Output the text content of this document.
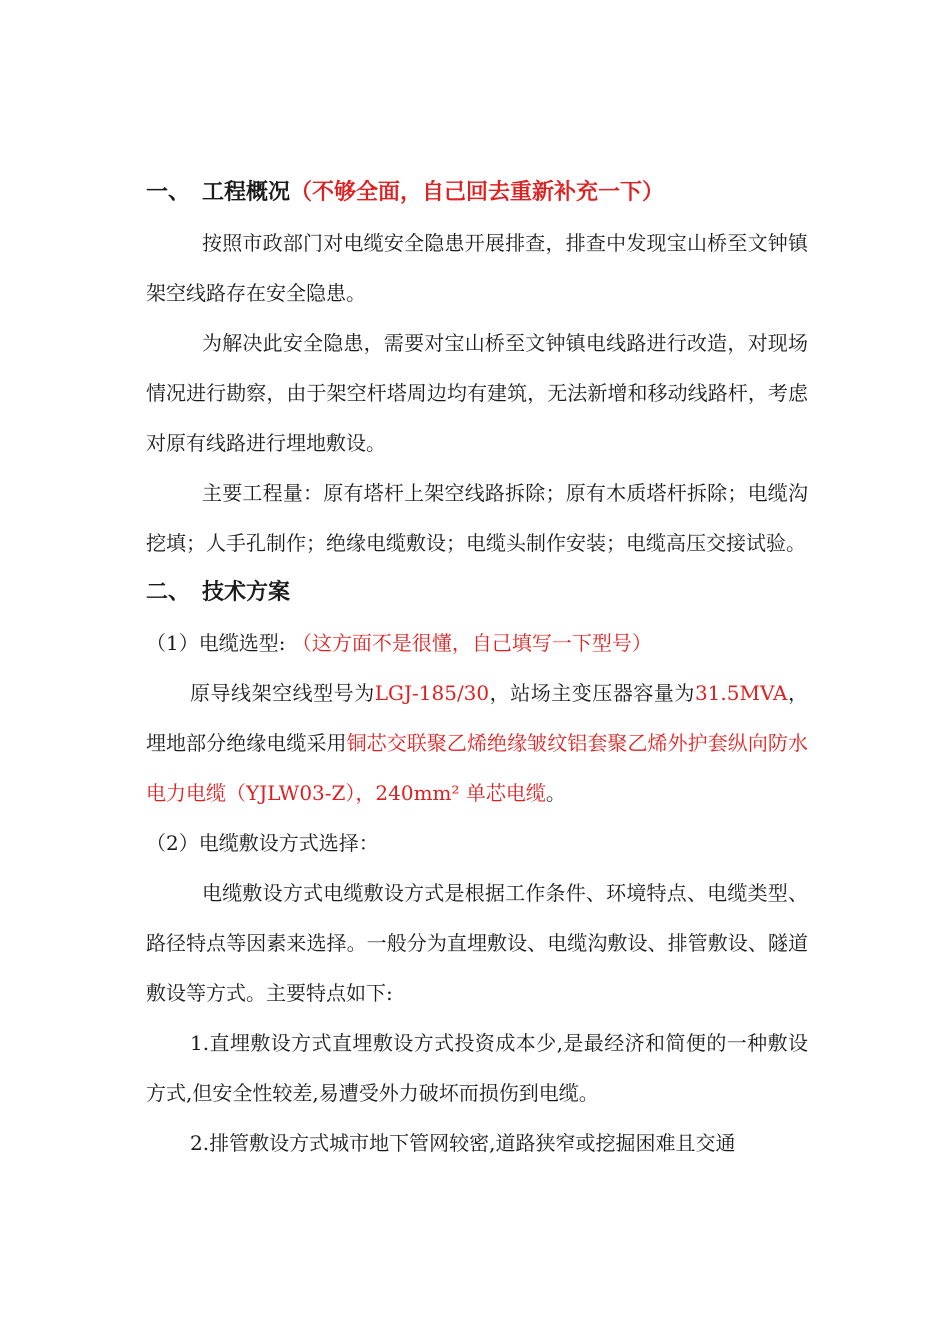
一、 工程概况（不够全面，自己回去重新补充一下）

按照市政部门对电缆安全隐患开展排查，排查中发现宝山桥至文钟镇架空线路存在安全隐患。

为解决此安全隐患，需要对宝山桥至文钟镇电线路进行改造，对现场情况进行勘察，由于架空杆塔周边均有建筑，无法新增和移动线路杆，考虑对原有线路进行埋地敷设。

主要工程量：原有塔杆上架空线路拆除；原有木质塔杆拆除；电缆沟挖填；人手孔制作；绝缘电缆敷设；电缆头制作安装；电缆高压交接试验。

二、 技术方案
（1）电缆选型: （这方面不是很懂，自己填写一下型号）

原导线架空线型号为LGJ-185/30，站场主变压器容量为31.5MVA，埋地部分绝缘电缆采用铜芯交联聚乙烯绝缘皱纹铝套聚乙烯外护套纵向防水电力电缆（YJLW03-Z），240mm² 单芯电缆。

（2）电缆敷设方式选择：

电缆敷设方式电缆敷设方式是根据工作条件、环境特点、电缆类型、路径特点等因素来选择。一般分为直埋敷设、电缆沟敷设、排管敷设、隧道敷设等方式。主要特点如下:

1.直埋敷设方式直埋敷设方式投资成本少,是最经济和简便的一种敷设方式,但安全性较差,易遭受外力破坏而损伤到电缆。

2.排管敷设方式城市地下管网较密,道路狭窄或挖掘困难且交通
